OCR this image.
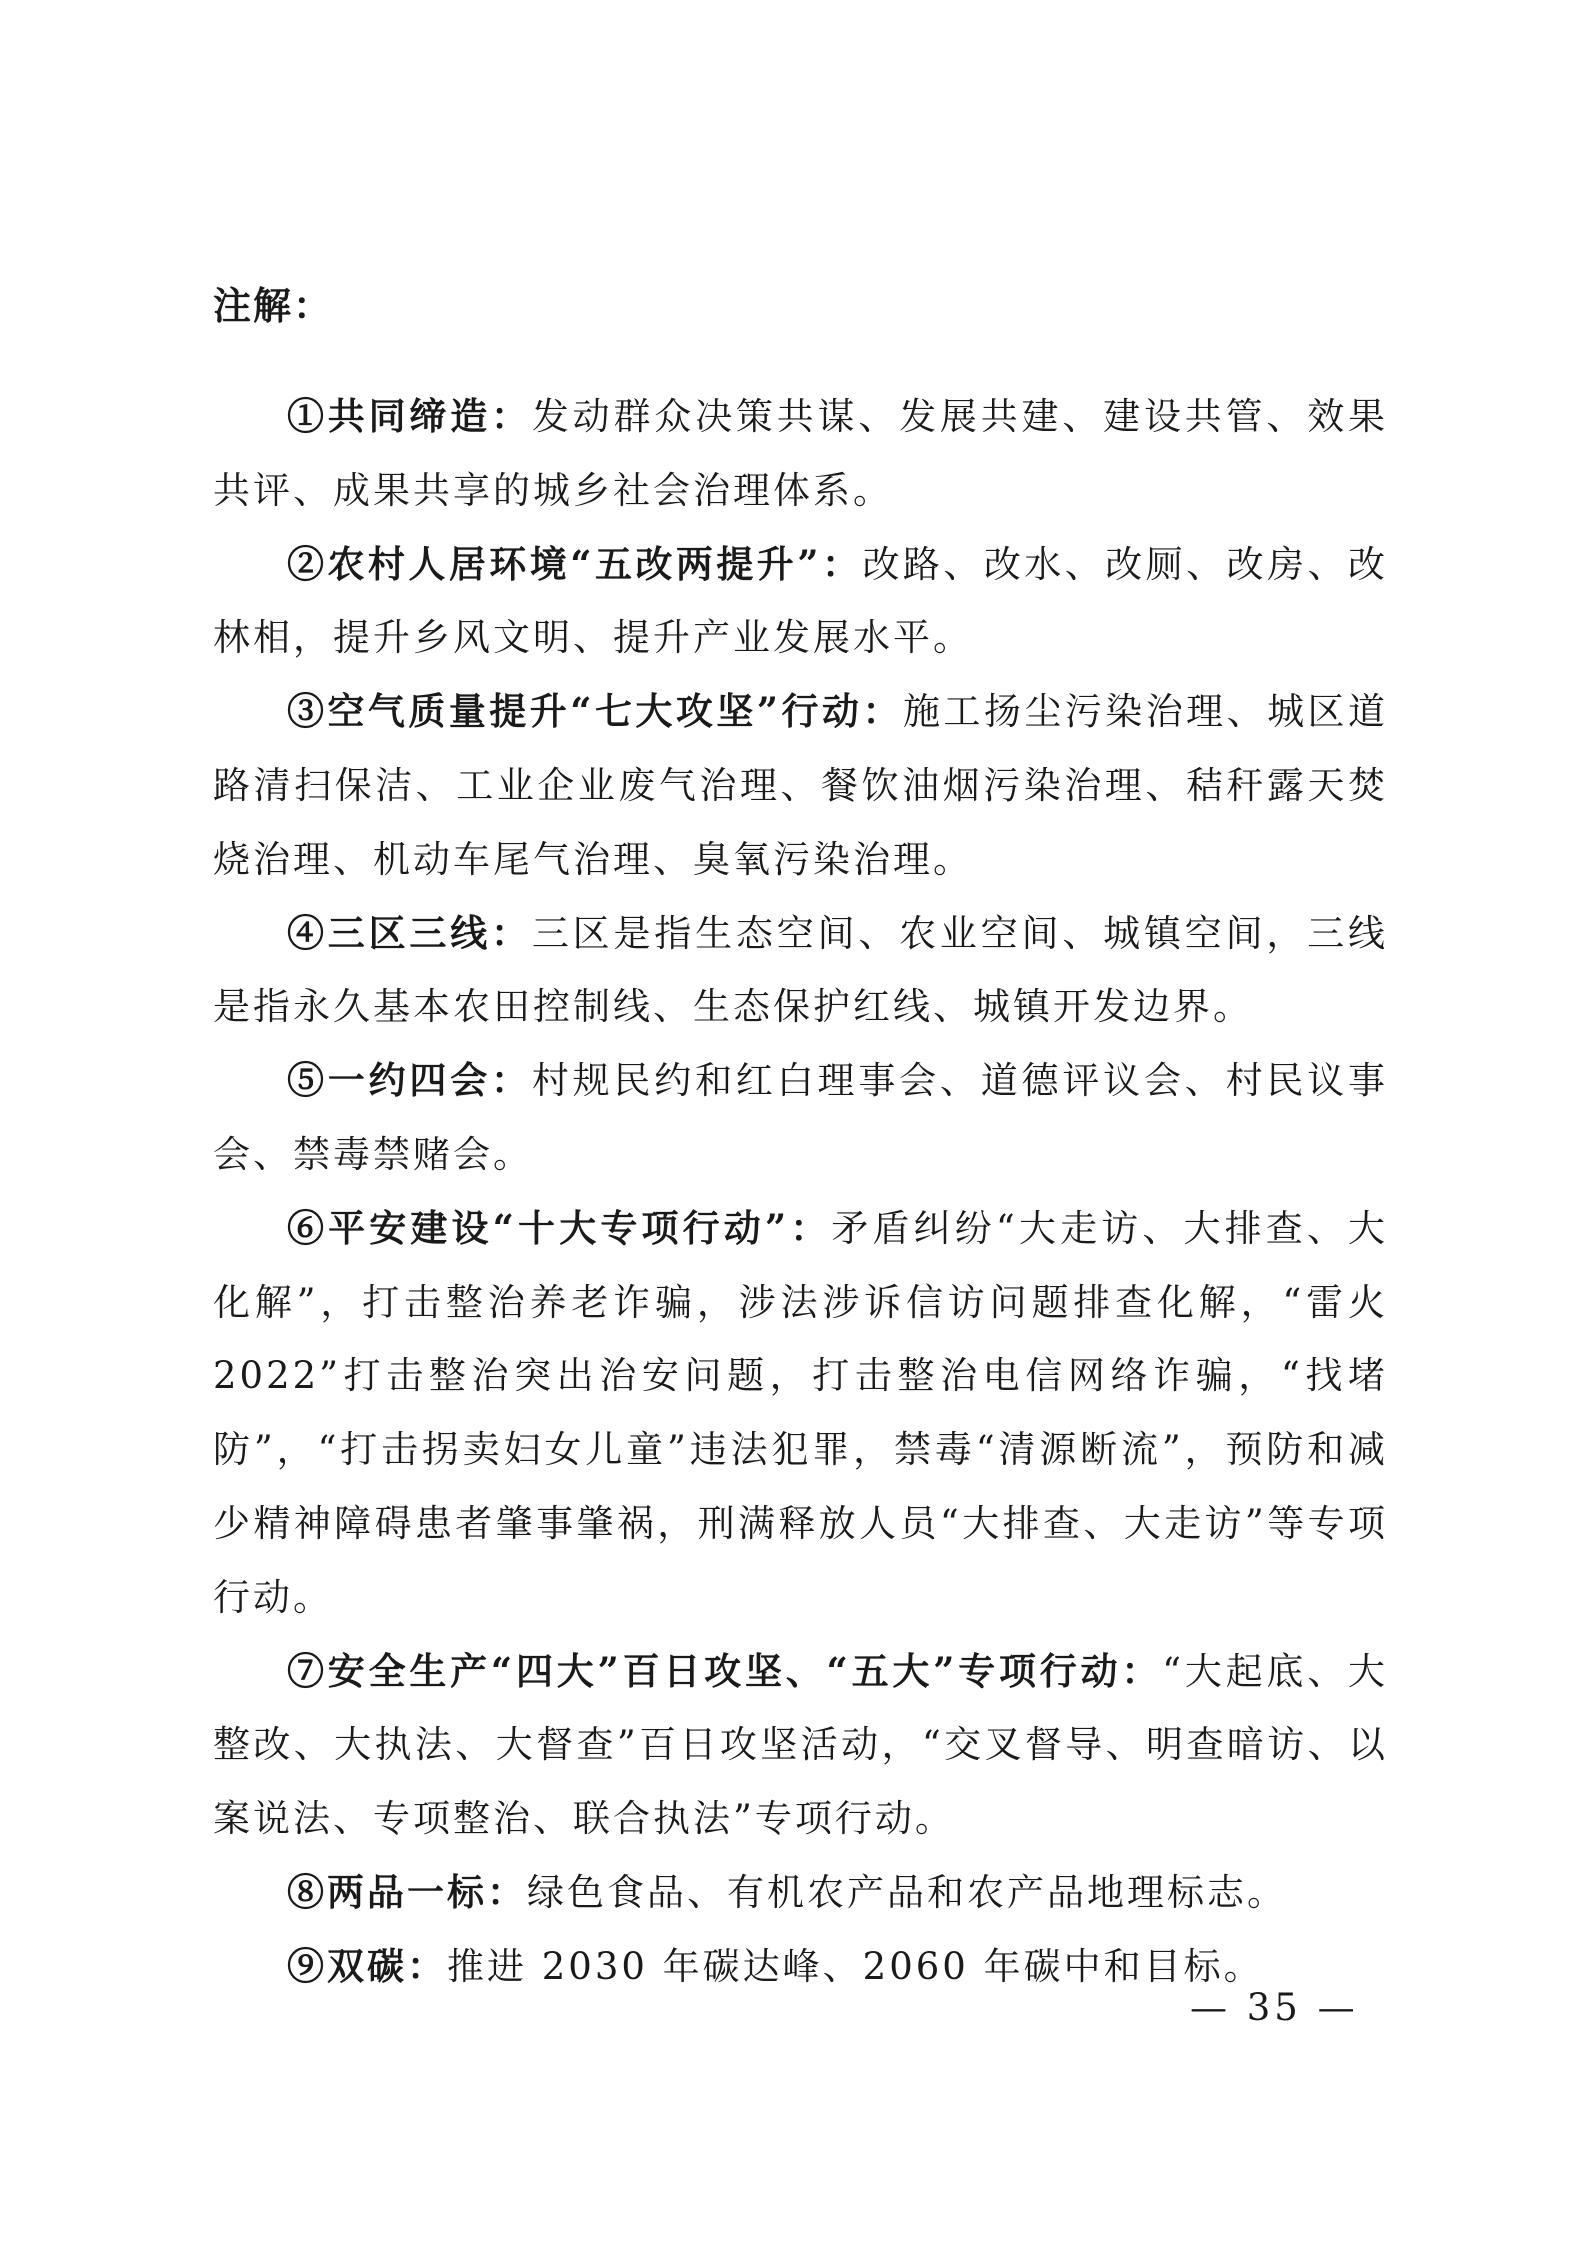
注解：

①共同缔造：发动群众决策共谋、发展共建、建设共管、效果共评、成果共享的城乡社会治理体系。

②农村人居环境“五改两提升”：改路、改水、改厕、改房、改林相，提升乡风文明、提升产业发展水平。

③空气质量提升“七大攻坚”行动：施工扬尘污染治理、城区道路清扫保洁、工业企业废气治理、餐饮油烟污染治理、秸秆露天焚烧治理、机动车尾气治理、臭氧污染治理。

④三区三线：三区是指生态空间、农业空间、城镇空间，三线是指永久基本农田控制线、生态保护红线、城镇开发边界。

⑤一约四会：村规民约和红白理事会、道德评议会、村民议事会、禁毒禁赌会。

⑥平安建设“十大专项行动”：矛盾纠纷“大走访、大排查、大化解”，打击整治养老诈骗，涉法涉诉信访问题排查化解，“雷火 2022”打击整治突出治安问题，打击整治电信网络诈骗，“找堵防”，“打击拐卖妇女儿童”违法犯罪，禁毒“清源断流”，预防和减少精神障碍患者肇事肇祸，刑满释放人员“大排查、大走访”等专项行动。

⑦安全生产“四大”百日攻坚、“五大”专项行动：“大起底、大整改、大执法、大督查”百日攻坚活动，“交叉督导、明查暗访、以案说法、专项整治、联合执法”专项行动。

⑧两品一标：绿色食品、有机农产品和农产品地理标志。

⑨双碳：推进 2030 年碳达峰、2060 年碳中和目标。

— 35 —
